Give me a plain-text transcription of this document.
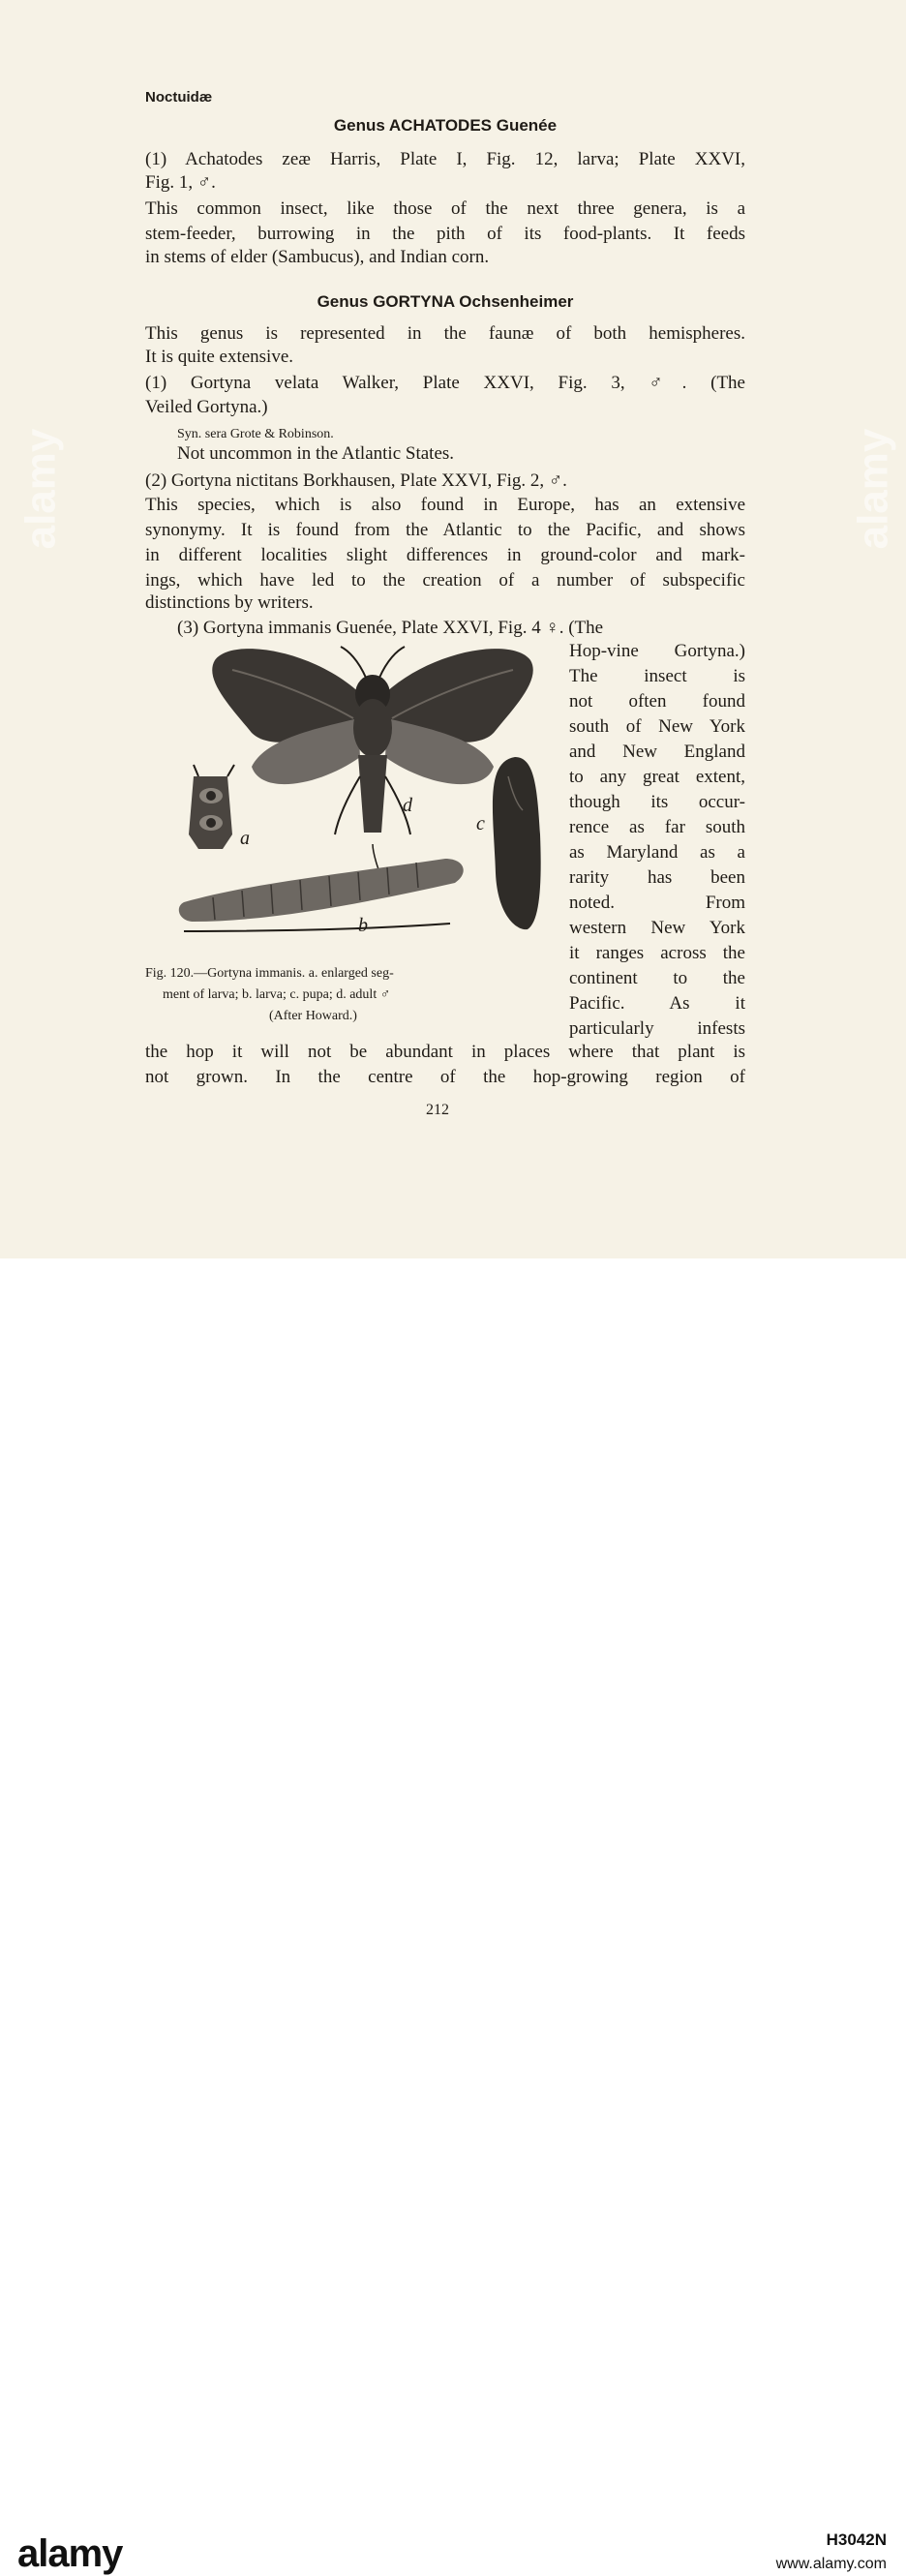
alamy	alamy
Noctuidæ
Genus ACHATODES Guenée
(1) Achatodes zeæ Harris, Plate I, Fig. 12, larva; Plate XXVI,
Fig. 1, ♂.
This common insect, like those of the next three genera, is a
stem-feeder, burrowing in the pith of its food-plants. It feeds
in stems of elder (Sambucus), and Indian corn.
Genus GORTYNA Ochsenheimer
This genus is represented in the faunæ of both hemispheres.
It is quite extensive.
(1) Gortyna velata Walker, Plate XXVI, Fig. 3, ♂. (The
Veiled Gortyna.)
Syn. sera Grote & Robinson.
Not uncommon in the Atlantic States.
(2) Gortyna nictitans Borkhausen, Plate XXVI, Fig. 2, ♂.
This species, which is also found in Europe, has an extensive
synonymy. It is found from the Atlantic to the Pacific, and shows
in different localities slight differences in ground-color and mark-
ings, which have led to the creation of a number of subspecific
distinctions by writers.
(3) Gortyna immanis Guenée, Plate XXVI, Fig. 4 ♀. (The
Hop-vine Gortyna.)
The insect is
not often found
south of New York
and New England
to any great extent,
though its occur-
rence as far south
as Maryland as a
rarity has been
noted. From
western New York
it ranges across the
continent to the
Pacific. As it
particularly infests
a
b
c
d
Fig. 120.—Gortyna immanis. a. enlarged seg-
ment of larva; b. larva; c. pupa; d. adult ♂
(After Howard.)
the hop it will not be abundant in places where that plant is
not grown. In the centre of the hop-growing region of
212
alamy	H3042N
www.alamy.com
